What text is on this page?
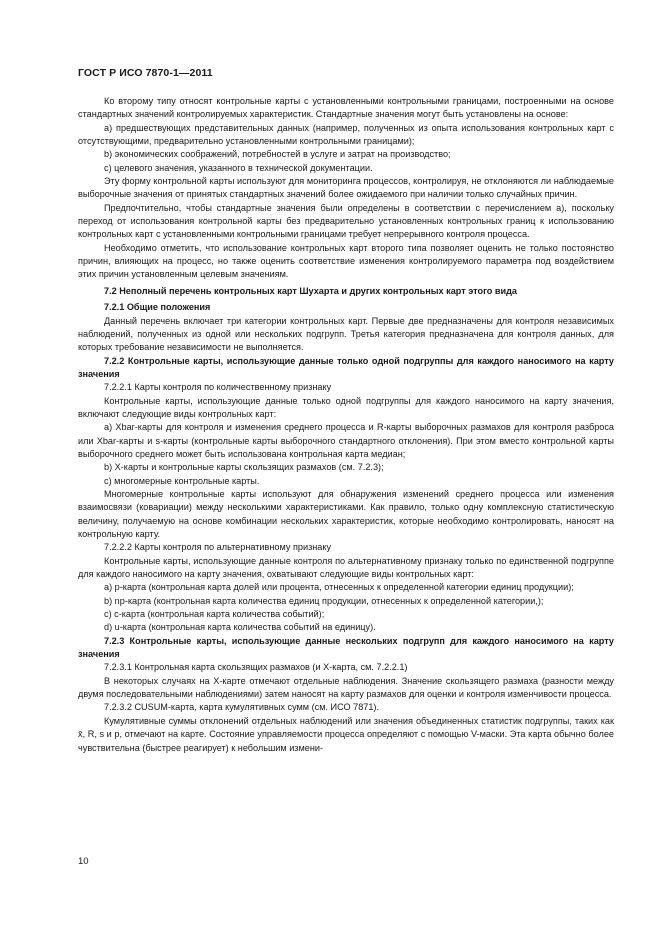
ГОСТ Р ИСО 7870-1—2011

Ко второму типу относят контрольные карты с установленными контрольными границами, построенными на основе стандартных значений контролируемых характеристик. Стандартные значения могут быть установлены на основе:

a) предшествующих представительных данных (например, полученных из опыта использования контрольных карт с отсутствующими, предварительно установленными контрольными границами);

b) экономических соображений, потребностей в услуге и затрат на производство;

c) целевого значения, указанного в технической документации.

Эту форму контрольной карты используют для мониторинга процессов, контролируя, не отклоняются ли наблюдаемые выборочные значения от принятых стандартных значений более ожидаемого при наличии только случайных причин.

Предпочтительно, чтобы стандартные значения были определены в соответствии с перечислением а), поскольку переход от использования контрольной карты без предварительно установленных контрольных границ к использованию контрольных карт с установленными контрольными границами требует непрерывного контроля процесса.

Необходимо отметить, что использование контрольных карт второго типа позволяет оценить не только постоянство причин, влияющих на процесс, но также оценить соответствие изменения контролируемого параметра под воздействием этих причин установленным целевым значениям.

7.2 Неполный перечень контрольных карт Шухарта и других контрольных карт этого вида

7.2.1 Общие положения

Данный перечень включает три категории контрольных карт. Первые две предназначены для контроля независимых наблюдений, полученных из одной или нескольких подгрупп. Третья категория предназначена для контроля данных, для которых требование независимости не выполняется.

7.2.2 Контрольные карты, использующие данные только одной подгруппы для каждого наносимого на карту значения

7.2.2.1 Карты контроля по количественному признаку

Контрольные карты, использующие данные только одной подгруппы для каждого наносимого на карту значения, включают следующие виды контрольных карт:

a) Xbar-карты для контроля и изменения среднего процесса и R-карты выборочных размахов для контроля разброса или Xbar-карты и s-карты (контрольные карты выборочного стандартного отклонения). При этом вместо контрольной карты выборочного среднего может быть использована контрольная карта медиан;

b) X-карты и контрольные карты скользящих размахов (см. 7.2.3);

c) многомерные контрольные карты.

Многомерные контрольные карты используют для обнаружения изменений среднего процесса или изменения взаимосвязи (ковариации) между несколькими характеристиками. Как правило, только одну комплексную статистическую величину, получаемую на основе комбинации нескольких характеристик, которые необходимо контролировать, наносят на контрольную карту.

7.2.2.2 Карты контроля по альтернативному признаку

Контрольные карты, использующие данные контроля по альтернативному признаку только по единственной подгруппе для каждого наносимого на карту значения, охватывают следующие виды контрольных карт:

a) p-карта (контрольная карта долей или процента, отнесенных к определенной категории единиц продукции);

b) np-карта (контрольная карта количества единиц продукции, отнесенных к определенной категории,);

c) c-карта (контрольная карта количества событий);

d) u-карта (контрольная карта количества событий на единицу).

7.2.3 Контрольные карты, использующие данные нескольких подгрупп для каждого наносимого на карту значения

7.2.3.1 Контрольная карта скользящих размахов (и X-карта, см. 7.2.2.1)

В некоторых случаях на X-карте отмечают отдельные наблюдения. Значение скользящего размаха (разности между двумя последовательными наблюдениями) затем наносят на карту размахов для оценки и контроля изменчивости процесса.

7.2.3.2 CUSUM-карта, карта кумулятивных сумм (см. ИСО 7871).

Кумулятивные суммы отклонений отдельных наблюдений или значения объединенных статистик подгруппы, таких как x̄, R, s и p, отмечают на карте. Состояние управляемости процесса определяют с помощью V-маски. Эта карта обычно более чувствительна (быстрее реагирует) к небольшим измени-

10
